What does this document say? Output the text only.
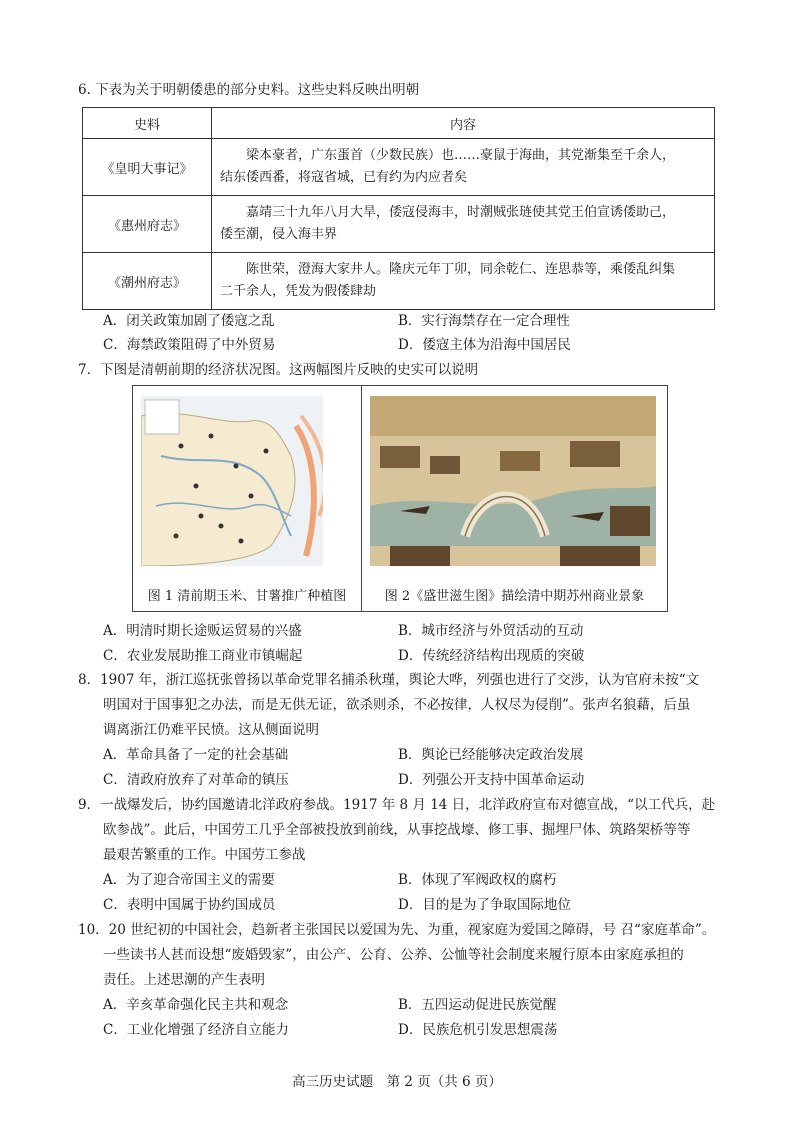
6. 下表为关于明朝倭患的部分史料。这些史料反映出明朝
史料	内容
《皇明大事记》	梁本豪者，广东蛋首（少数民族）也……豪鼠于海曲，其党渐集至千余人，
结东倭西番，将寇省城，已有约为内应者矣
《惠州府志》	嘉靖三十九年八月大旱，倭寇侵海丰，时潮贼张琏使其党王伯宣诱倭助己，
倭至潮，侵入海丰界
《潮州府志》	陈世荣，澄海大家井人。隆庆元年丁卯，同余乾仁、连思恭等，乘倭乱纠集
二千余人，凭发为假倭肆劫
A．闭关政策加剧了倭寇之乱	B．实行海禁存在一定合理性
C．海禁政策阻碍了中外贸易	D．倭寇主体为沿海中国居民
7．下图是清朝前期的经济状况图。这两幅图片反映的史实可以说明
图 1 清前期玉米、甘薯推广种植图	图 2《盛世滋生图》描绘清中期苏州商业景象
A．明清时期长途贩运贸易的兴盛	B．城市经济与外贸活动的互动
C．农业发展助推工商业市镇崛起	D．传统经济结构出现质的突破
8．1907 年，浙江巡抚张曾扬以革命党罪名捕杀秋瑾，舆论大哗，列强也进行了交涉，认为官府未按“文
明国对于国事犯之办法，而是无供无证，欲杀则杀，不必按律，人权尽为侵削”。张声名狼藉，后虽
调离浙江仍难平民愤。这从侧面说明
A．革命具备了一定的社会基础	B．舆论已经能够决定政治发展
C．清政府放弃了对革命的镇压	D．列强公开支持中国革命运动
9．一战爆发后，协约国邀请北洋政府参战。1917 年 8 月 14 日，北洋政府宣布对德宣战，“以工代兵，赴
欧参战”。此后，中国劳工几乎全部被投放到前线，从事挖战壕、修工事、掘埋尸体、筑路架桥等等
最艰苦繁重的工作。中国劳工参战
A．为了迎合帝国主义的需要	B．体现了军阀政权的腐朽
C．表明中国属于协约国成员	D．目的是为了争取国际地位
10．20 世纪初的中国社会，趋新者主张国民以爱国为先、为重，视家庭为爱国之障碍，号 召“家庭革命”。
一些读书人甚而设想“废婚毁家”，由公产、公育、公养、公恤等社会制度来履行原本由家庭承担的
责任。上述思潮的产生表明
A．辛亥革命强化民主共和观念	B．五四运动促进民族觉醒
C．工业化增强了经济自立能力	D．民族危机引发思想震荡
高三历史试题　第 2 页（共 6 页）
